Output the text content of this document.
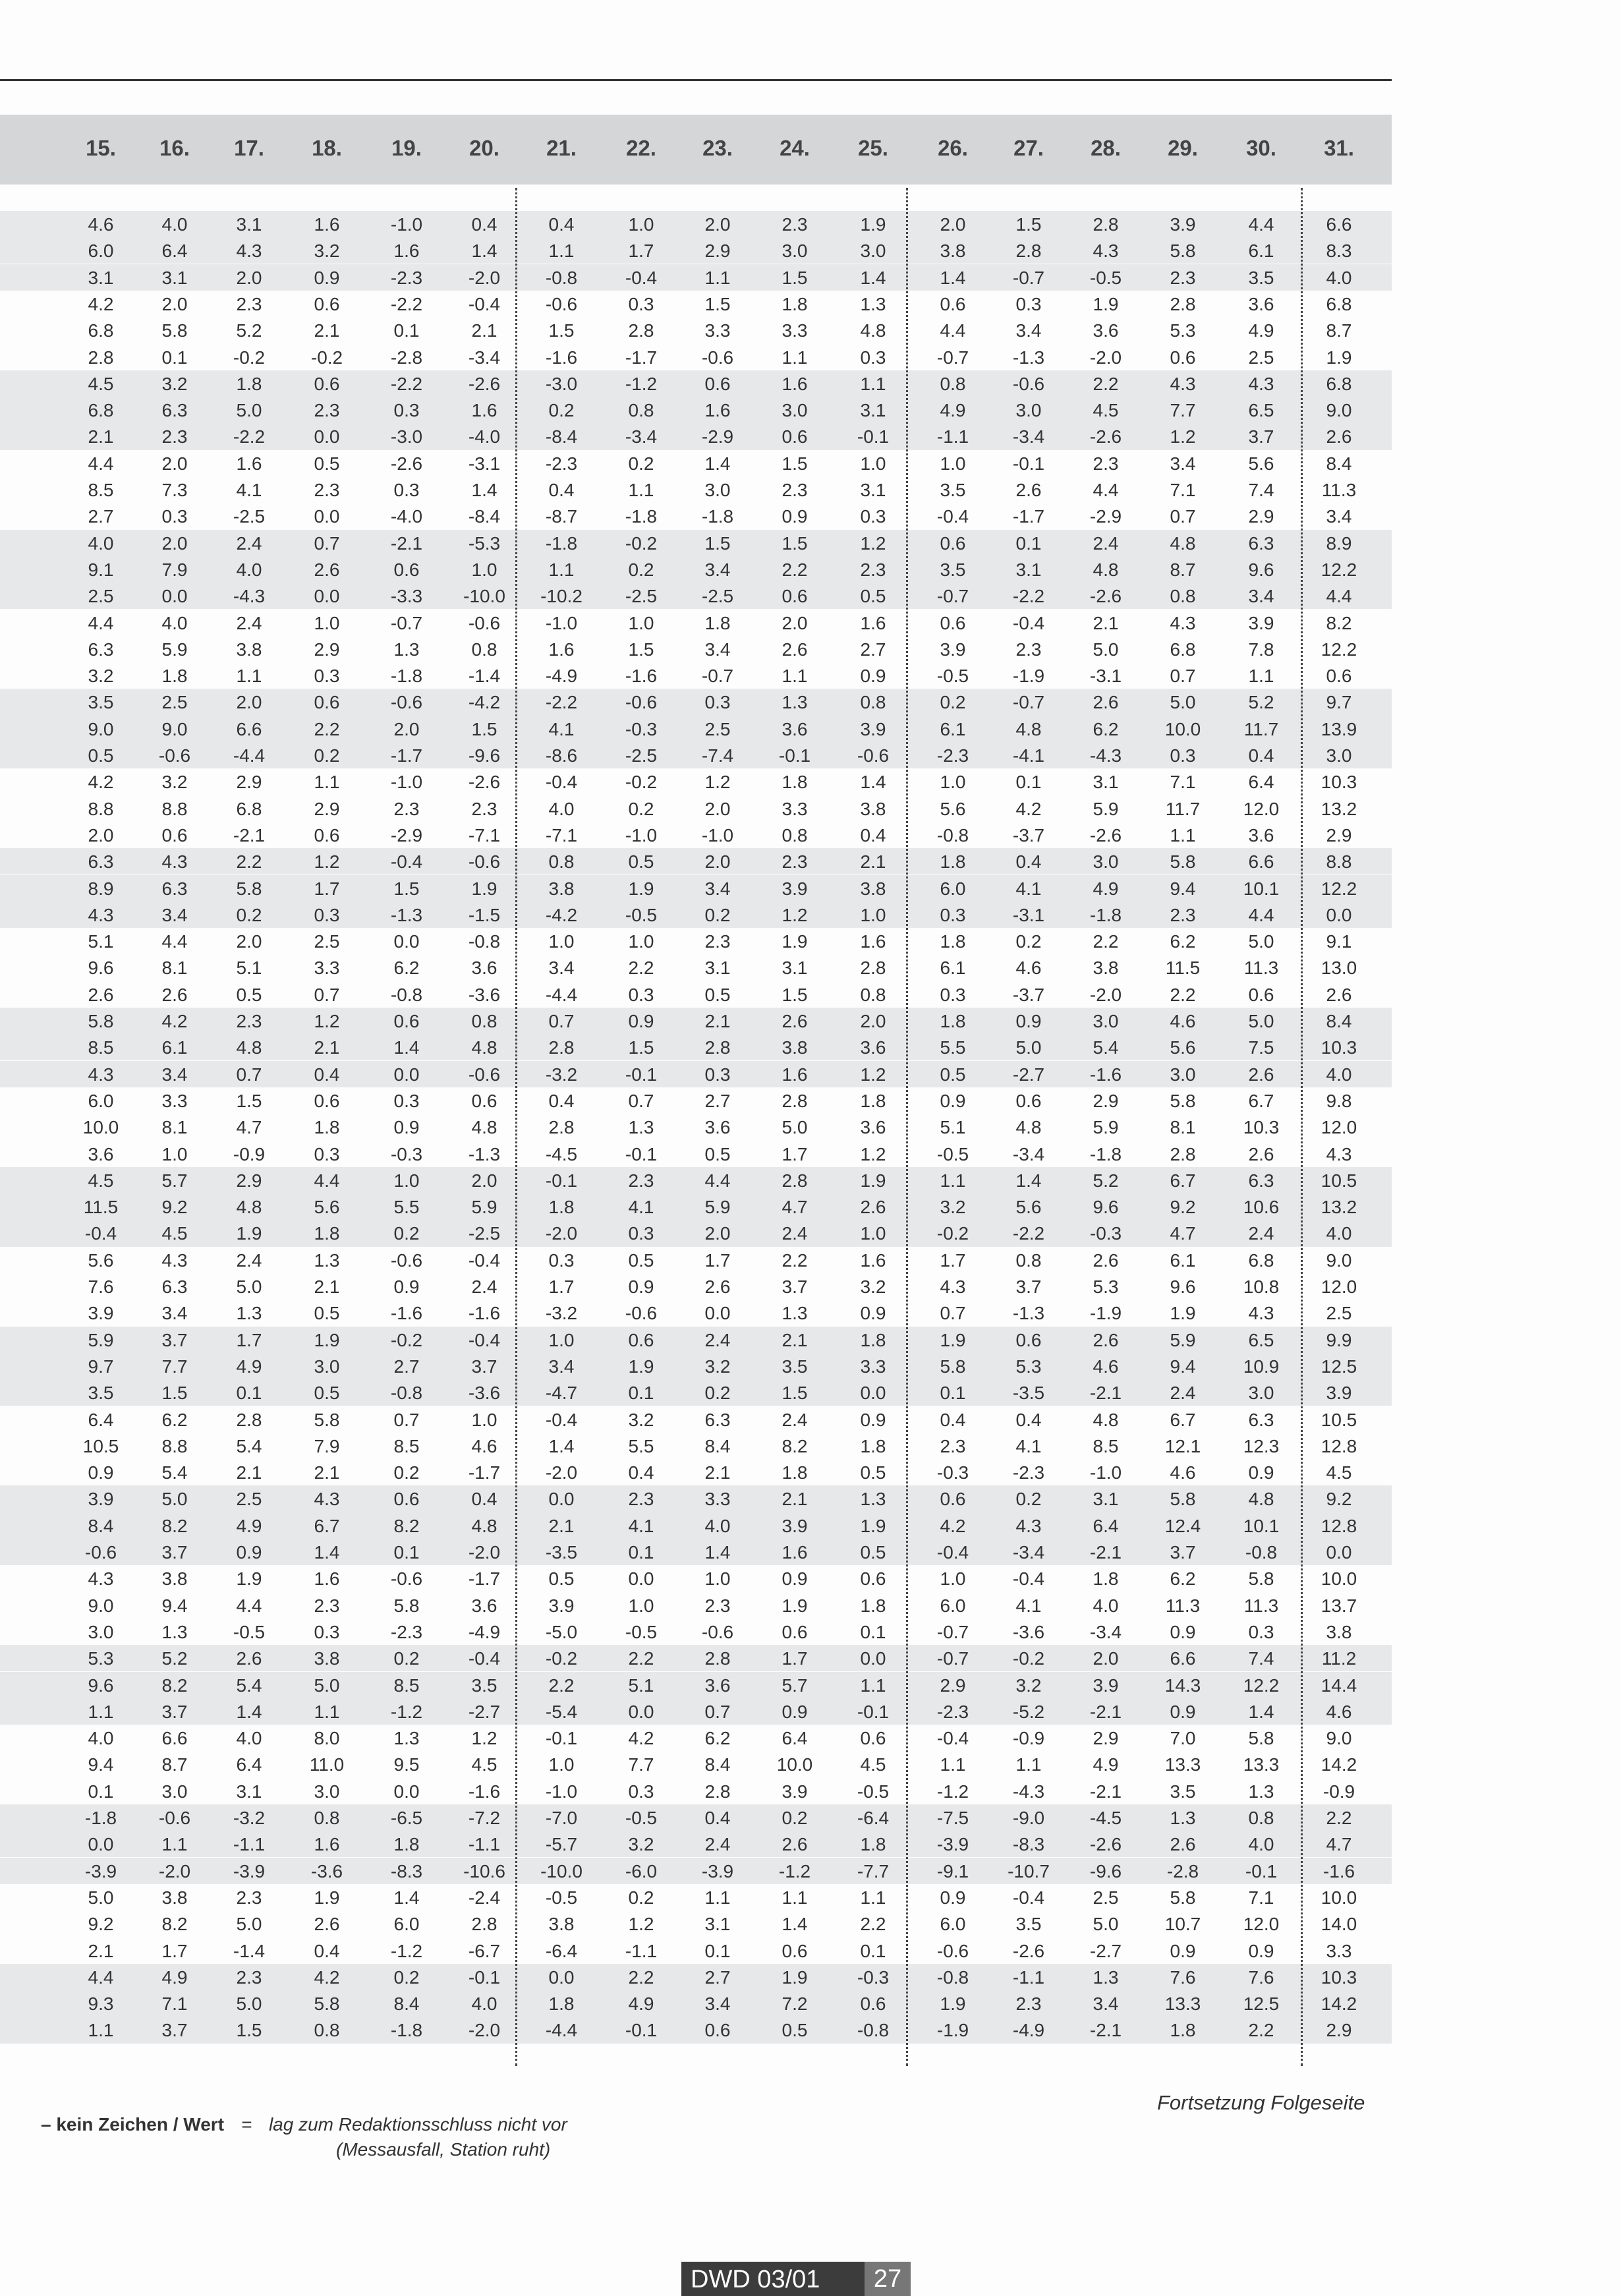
15.	16.	17.	18.	19.	20.	21.	22.	23.	24.	25.	26.	27.	28.	29.	30.	31.
4.6	4.0	3.1	1.6	-1.0	0.4	0.4	1.0	2.0	2.3	1.9	2.0	1.5	2.8	3.9	4.4	6.6
6.0	6.4	4.3	3.2	1.6	1.4	1.1	1.7	2.9	3.0	3.0	3.8	2.8	4.3	5.8	6.1	8.3
3.1	3.1	2.0	0.9	-2.3	-2.0	-0.8	-0.4	1.1	1.5	1.4	1.4	-0.7	-0.5	2.3	3.5	4.0
4.2	2.0	2.3	0.6	-2.2	-0.4	-0.6	0.3	1.5	1.8	1.3	0.6	0.3	1.9	2.8	3.6	6.8
6.8	5.8	5.2	2.1	0.1	2.1	1.5	2.8	3.3	3.3	4.8	4.4	3.4	3.6	5.3	4.9	8.7
2.8	0.1	-0.2	-0.2	-2.8	-3.4	-1.6	-1.7	-0.6	1.1	0.3	-0.7	-1.3	-2.0	0.6	2.5	1.9
4.5	3.2	1.8	0.6	-2.2	-2.6	-3.0	-1.2	0.6	1.6	1.1	0.8	-0.6	2.2	4.3	4.3	6.8
6.8	6.3	5.0	2.3	0.3	1.6	0.2	0.8	1.6	3.0	3.1	4.9	3.0	4.5	7.7	6.5	9.0
2.1	2.3	-2.2	0.0	-3.0	-4.0	-8.4	-3.4	-2.9	0.6	-0.1	-1.1	-3.4	-2.6	1.2	3.7	2.6
4.4	2.0	1.6	0.5	-2.6	-3.1	-2.3	0.2	1.4	1.5	1.0	1.0	-0.1	2.3	3.4	5.6	8.4
8.5	7.3	4.1	2.3	0.3	1.4	0.4	1.1	3.0	2.3	3.1	3.5	2.6	4.4	7.1	7.4	11.3
2.7	0.3	-2.5	0.0	-4.0	-8.4	-8.7	-1.8	-1.8	0.9	0.3	-0.4	-1.7	-2.9	0.7	2.9	3.4
4.0	2.0	2.4	0.7	-2.1	-5.3	-1.8	-0.2	1.5	1.5	1.2	0.6	0.1	2.4	4.8	6.3	8.9
9.1	7.9	4.0	2.6	0.6	1.0	1.1	0.2	3.4	2.2	2.3	3.5	3.1	4.8	8.7	9.6	12.2
2.5	0.0	-4.3	0.0	-3.3	-10.0	-10.2	-2.5	-2.5	0.6	0.5	-0.7	-2.2	-2.6	0.8	3.4	4.4
4.4	4.0	2.4	1.0	-0.7	-0.6	-1.0	1.0	1.8	2.0	1.6	0.6	-0.4	2.1	4.3	3.9	8.2
6.3	5.9	3.8	2.9	1.3	0.8	1.6	1.5	3.4	2.6	2.7	3.9	2.3	5.0	6.8	7.8	12.2
3.2	1.8	1.1	0.3	-1.8	-1.4	-4.9	-1.6	-0.7	1.1	0.9	-0.5	-1.9	-3.1	0.7	1.1	0.6
3.5	2.5	2.0	0.6	-0.6	-4.2	-2.2	-0.6	0.3	1.3	0.8	0.2	-0.7	2.6	5.0	5.2	9.7
9.0	9.0	6.6	2.2	2.0	1.5	4.1	-0.3	2.5	3.6	3.9	6.1	4.8	6.2	10.0	11.7	13.9
0.5	-0.6	-4.4	0.2	-1.7	-9.6	-8.6	-2.5	-7.4	-0.1	-0.6	-2.3	-4.1	-4.3	0.3	0.4	3.0
4.2	3.2	2.9	1.1	-1.0	-2.6	-0.4	-0.2	1.2	1.8	1.4	1.0	0.1	3.1	7.1	6.4	10.3
8.8	8.8	6.8	2.9	2.3	2.3	4.0	0.2	2.0	3.3	3.8	5.6	4.2	5.9	11.7	12.0	13.2
2.0	0.6	-2.1	0.6	-2.9	-7.1	-7.1	-1.0	-1.0	0.8	0.4	-0.8	-3.7	-2.6	1.1	3.6	2.9
6.3	4.3	2.2	1.2	-0.4	-0.6	0.8	0.5	2.0	2.3	2.1	1.8	0.4	3.0	5.8	6.6	8.8
8.9	6.3	5.8	1.7	1.5	1.9	3.8	1.9	3.4	3.9	3.8	6.0	4.1	4.9	9.4	10.1	12.2
4.3	3.4	0.2	0.3	-1.3	-1.5	-4.2	-0.5	0.2	1.2	1.0	0.3	-3.1	-1.8	2.3	4.4	0.0
5.1	4.4	2.0	2.5	0.0	-0.8	1.0	1.0	2.3	1.9	1.6	1.8	0.2	2.2	6.2	5.0	9.1
9.6	8.1	5.1	3.3	6.2	3.6	3.4	2.2	3.1	3.1	2.8	6.1	4.6	3.8	11.5	11.3	13.0
2.6	2.6	0.5	0.7	-0.8	-3.6	-4.4	0.3	0.5	1.5	0.8	0.3	-3.7	-2.0	2.2	0.6	2.6
5.8	4.2	2.3	1.2	0.6	0.8	0.7	0.9	2.1	2.6	2.0	1.8	0.9	3.0	4.6	5.0	8.4
8.5	6.1	4.8	2.1	1.4	4.8	2.8	1.5	2.8	3.8	3.6	5.5	5.0	5.4	5.6	7.5	10.3
4.3	3.4	0.7	0.4	0.0	-0.6	-3.2	-0.1	0.3	1.6	1.2	0.5	-2.7	-1.6	3.0	2.6	4.0
6.0	3.3	1.5	0.6	0.3	0.6	0.4	0.7	2.7	2.8	1.8	0.9	0.6	2.9	5.8	6.7	9.8
10.0	8.1	4.7	1.8	0.9	4.8	2.8	1.3	3.6	5.0	3.6	5.1	4.8	5.9	8.1	10.3	12.0
3.6	1.0	-0.9	0.3	-0.3	-1.3	-4.5	-0.1	0.5	1.7	1.2	-0.5	-3.4	-1.8	2.8	2.6	4.3
4.5	5.7	2.9	4.4	1.0	2.0	-0.1	2.3	4.4	2.8	1.9	1.1	1.4	5.2	6.7	6.3	10.5
11.5	9.2	4.8	5.6	5.5	5.9	1.8	4.1	5.9	4.7	2.6	3.2	5.6	9.6	9.2	10.6	13.2
-0.4	4.5	1.9	1.8	0.2	-2.5	-2.0	0.3	2.0	2.4	1.0	-0.2	-2.2	-0.3	4.7	2.4	4.0
5.6	4.3	2.4	1.3	-0.6	-0.4	0.3	0.5	1.7	2.2	1.6	1.7	0.8	2.6	6.1	6.8	9.0
7.6	6.3	5.0	2.1	0.9	2.4	1.7	0.9	2.6	3.7	3.2	4.3	3.7	5.3	9.6	10.8	12.0
3.9	3.4	1.3	0.5	-1.6	-1.6	-3.2	-0.6	0.0	1.3	0.9	0.7	-1.3	-1.9	1.9	4.3	2.5
5.9	3.7	1.7	1.9	-0.2	-0.4	1.0	0.6	2.4	2.1	1.8	1.9	0.6	2.6	5.9	6.5	9.9
9.7	7.7	4.9	3.0	2.7	3.7	3.4	1.9	3.2	3.5	3.3	5.8	5.3	4.6	9.4	10.9	12.5
3.5	1.5	0.1	0.5	-0.8	-3.6	-4.7	0.1	0.2	1.5	0.0	0.1	-3.5	-2.1	2.4	3.0	3.9
6.4	6.2	2.8	5.8	0.7	1.0	-0.4	3.2	6.3	2.4	0.9	0.4	0.4	4.8	6.7	6.3	10.5
10.5	8.8	5.4	7.9	8.5	4.6	1.4	5.5	8.4	8.2	1.8	2.3	4.1	8.5	12.1	12.3	12.8
0.9	5.4	2.1	2.1	0.2	-1.7	-2.0	0.4	2.1	1.8	0.5	-0.3	-2.3	-1.0	4.6	0.9	4.5
3.9	5.0	2.5	4.3	0.6	0.4	0.0	2.3	3.3	2.1	1.3	0.6	0.2	3.1	5.8	4.8	9.2
8.4	8.2	4.9	6.7	8.2	4.8	2.1	4.1	4.0	3.9	1.9	4.2	4.3	6.4	12.4	10.1	12.8
-0.6	3.7	0.9	1.4	0.1	-2.0	-3.5	0.1	1.4	1.6	0.5	-0.4	-3.4	-2.1	3.7	-0.8	0.0
4.3	3.8	1.9	1.6	-0.6	-1.7	0.5	0.0	1.0	0.9	0.6	1.0	-0.4	1.8	6.2	5.8	10.0
9.0	9.4	4.4	2.3	5.8	3.6	3.9	1.0	2.3	1.9	1.8	6.0	4.1	4.0	11.3	11.3	13.7
3.0	1.3	-0.5	0.3	-2.3	-4.9	-5.0	-0.5	-0.6	0.6	0.1	-0.7	-3.6	-3.4	0.9	0.3	3.8
5.3	5.2	2.6	3.8	0.2	-0.4	-0.2	2.2	2.8	1.7	0.0	-0.7	-0.2	2.0	6.6	7.4	11.2
9.6	8.2	5.4	5.0	8.5	3.5	2.2	5.1	3.6	5.7	1.1	2.9	3.2	3.9	14.3	12.2	14.4
1.1	3.7	1.4	1.1	-1.2	-2.7	-5.4	0.0	0.7	0.9	-0.1	-2.3	-5.2	-2.1	0.9	1.4	4.6
4.0	6.6	4.0	8.0	1.3	1.2	-0.1	4.2	6.2	6.4	0.6	-0.4	-0.9	2.9	7.0	5.8	9.0
9.4	8.7	6.4	11.0	9.5	4.5	1.0	7.7	8.4	10.0	4.5	1.1	1.1	4.9	13.3	13.3	14.2
0.1	3.0	3.1	3.0	0.0	-1.6	-1.0	0.3	2.8	3.9	-0.5	-1.2	-4.3	-2.1	3.5	1.3	-0.9
-1.8	-0.6	-3.2	0.8	-6.5	-7.2	-7.0	-0.5	0.4	0.2	-6.4	-7.5	-9.0	-4.5	1.3	0.8	2.2
0.0	1.1	-1.1	1.6	1.8	-1.1	-5.7	3.2	2.4	2.6	1.8	-3.9	-8.3	-2.6	2.6	4.0	4.7
-3.9	-2.0	-3.9	-3.6	-8.3	-10.6	-10.0	-6.0	-3.9	-1.2	-7.7	-9.1	-10.7	-9.6	-2.8	-0.1	-1.6
5.0	3.8	2.3	1.9	1.4	-2.4	-0.5	0.2	1.1	1.1	1.1	0.9	-0.4	2.5	5.8	7.1	10.0
9.2	8.2	5.0	2.6	6.0	2.8	3.8	1.2	3.1	1.4	2.2	6.0	3.5	5.0	10.7	12.0	14.0
2.1	1.7	-1.4	0.4	-1.2	-6.7	-6.4	-1.1	0.1	0.6	0.1	-0.6	-2.6	-2.7	0.9	0.9	3.3
4.4	4.9	2.3	4.2	0.2	-0.1	0.0	2.2	2.7	1.9	-0.3	-0.8	-1.1	1.3	7.6	7.6	10.3
9.3	7.1	5.0	5.8	8.4	4.0	1.8	4.9	3.4	7.2	0.6	1.9	2.3	3.4	13.3	12.5	14.2
1.1	3.7	1.5	0.8	-1.8	-2.0	-4.4	-0.1	0.6	0.5	-0.8	-1.9	-4.9	-2.1	1.8	2.2	2.9
– kein Zeichen / Wert = lag zum Redaktionsschluss nicht vor
(Messausfall, Station ruht)
Fortsetzung Folgeseite
DWD 03/01	27
